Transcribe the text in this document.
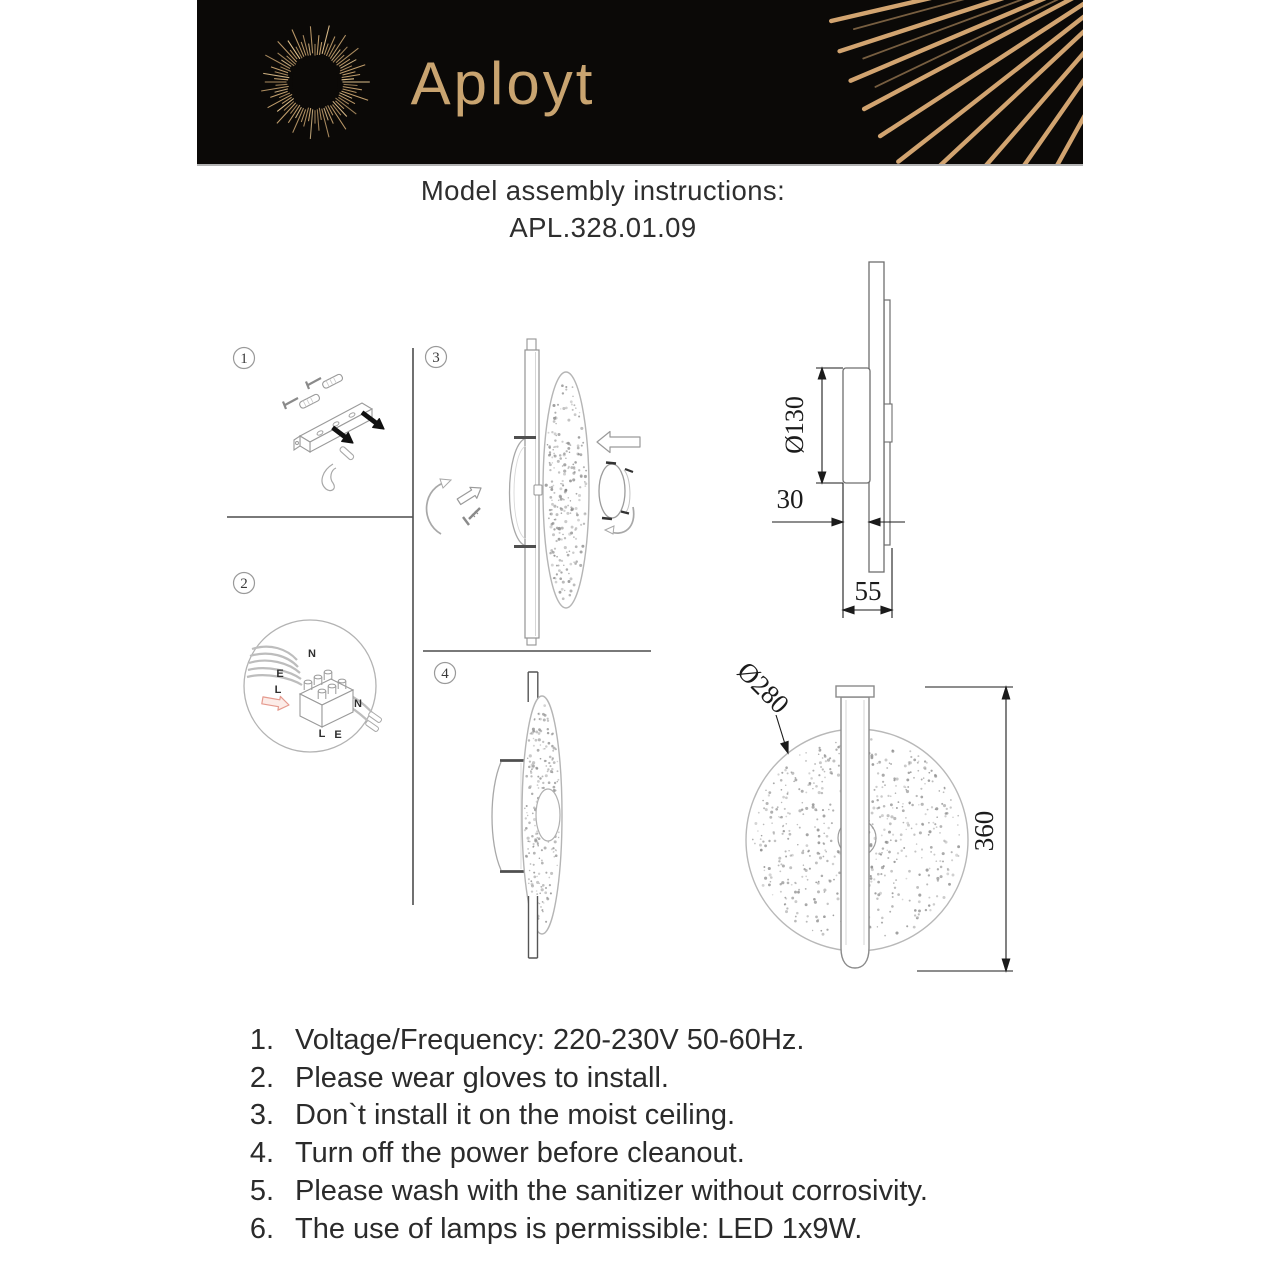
Aployt
Model assembly instructions:
APL.328.01.09
1
2
N
E
L
N
L E
3
4
Ø130
30
55
Ø280
360
1. Voltage/Frequency: 220-230V 50-60Hz.
2. Please wear gloves to install.
3. Don`t install it on the moist ceiling.
4. Turn off the power before cleanout.
5. Please wash with the sanitizer without corrosivity.
6. The use of lamps is permissible: LED 1x9W.
